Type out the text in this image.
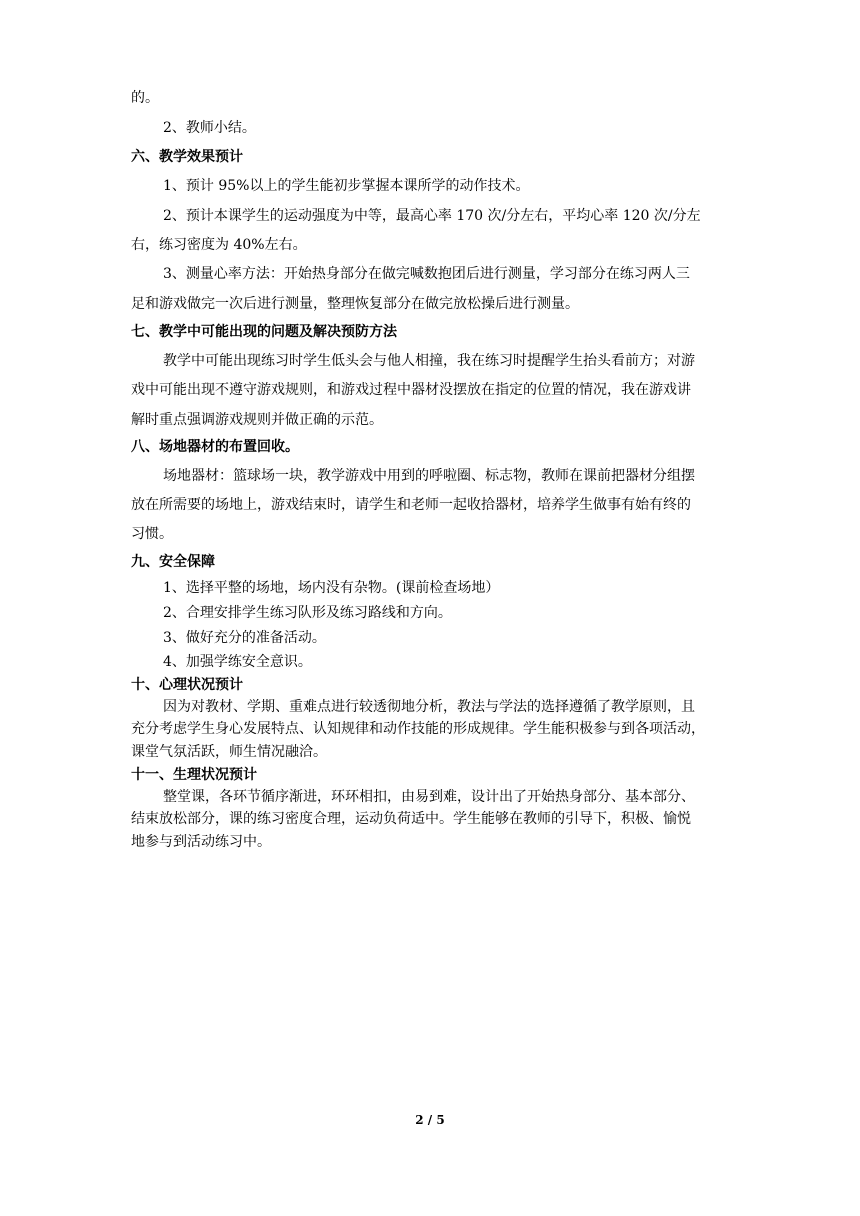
的。
2、教师小结。
六、教学效果预计
1、预计 95%以上的学生能初步掌握本课所学的动作技术。
2、预计本课学生的运动强度为中等，最高心率 170 次/分左右，平均心率 120 次/分左
右，练习密度为 40%左右。
3、测量心率方法：开始热身部分在做完喊数抱团后进行测量，学习部分在练习两人三
足和游戏做完一次后进行测量，整理恢复部分在做完放松操后进行测量。
七、教学中可能出现的问题及解决预防方法
教学中可能出现练习时学生低头会与他人相撞，我在练习时提醒学生抬头看前方；对游
戏中可能出现不遵守游戏规则，和游戏过程中器材没摆放在指定的位置的情况，我在游戏讲
解时重点强调游戏规则并做正确的示范。
八、场地器材的布置回收。
场地器材：篮球场一块，教学游戏中用到的呼啦圈、标志物，教师在课前把器材分组摆
放在所需要的场地上，游戏结束时，请学生和老师一起收拾器材，培养学生做事有始有终的
习惯。
九、安全保障
1、选择平整的场地，场内没有杂物。(课前检查场地）
2、合理安排学生练习队形及练习路线和方向。
3、做好充分的准备活动。
4、加强学练安全意识。
十、心理状况预计
因为对教材、学期、重难点进行较透彻地分析，教法与学法的选择遵循了教学原则，且
充分考虑学生身心发展特点、认知规律和动作技能的形成规律。学生能积极参与到各项活动，
课堂气氛活跃，师生情况融洽。
十一、生理状况预计
整堂课，各环节循序渐进，环环相扣，由易到难，设计出了开始热身部分、基本部分、
结束放松部分，课的练习密度合理，运动负荷适中。学生能够在教师的引导下，积极、愉悦
地参与到活动练习中。
2 / 5
